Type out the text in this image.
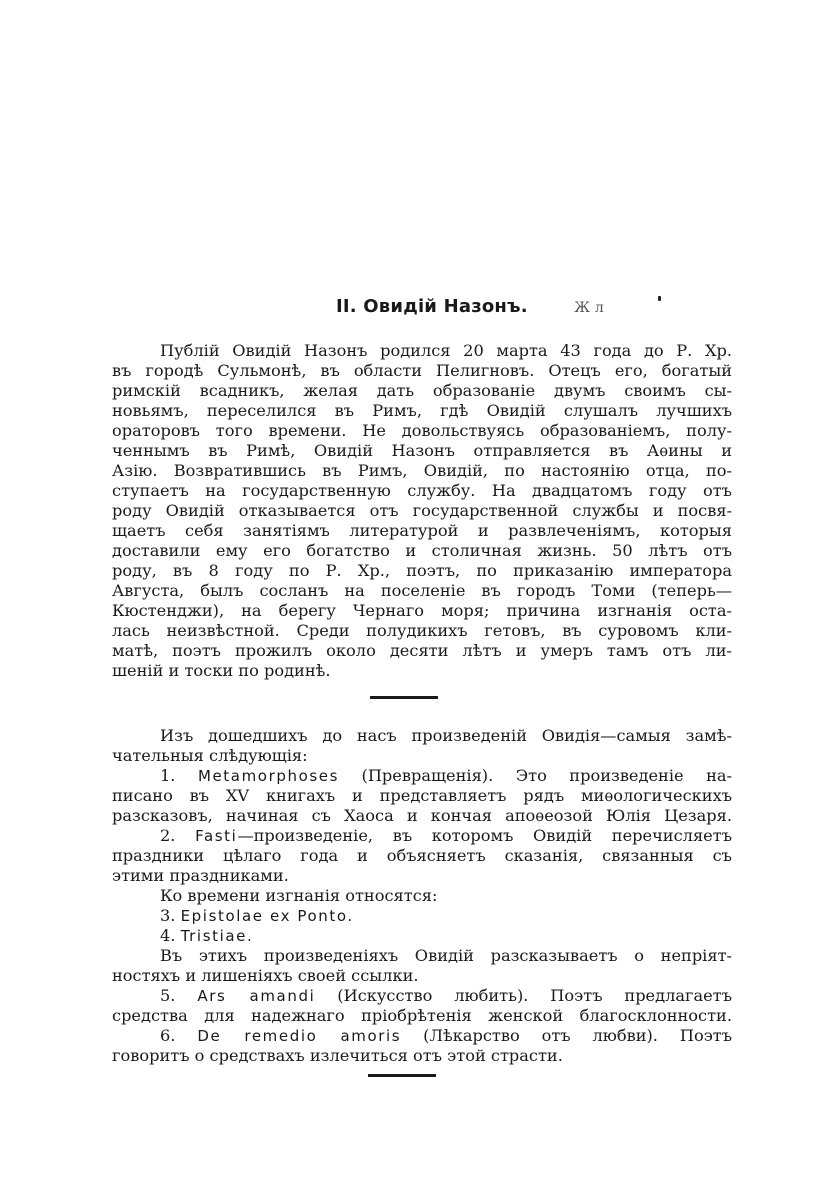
II. Овидій Назонъ.	Ж л
Публій Овидій Назонъ родился 20 марта 43 года до Р. Хр.
въ городѣ Сульмонѣ, въ области Пелигновъ. Отецъ его, богатый
римскій всадникъ, желая дать образованіе двумъ своимъ сы-
новьямъ, переселился въ Римъ, гдѣ Овидій слушалъ лучшихъ
ораторовъ того времени. Не довольствуясь образованіемъ, полу-
ченнымъ въ Римѣ, Овидій Назонъ отправляется въ Аѳины и
Азію. Возвратившись въ Римъ, Овидій, по настоянію отца, по-
ступаетъ на государственную службу. На двадцатомъ году отъ
роду Овидій отказывается отъ государственной службы и посвя-
щаетъ себя занятіямъ литературой и развлеченіямъ, которыя
доставили ему его богатство и столичная жизнь. 50 лѣтъ отъ
роду, въ 8 году по Р. Хр., поэтъ, по приказанію императора
Августа, былъ сосланъ на поселеніе въ городъ Томи (теперь—
Кюстенджи), на берегу Чернаго моря; причина изгнанія оста-
лась неизвѣстной. Среди полудикихъ гетовъ, въ суровомъ кли-
матѣ, поэтъ прожилъ около десяти лѣтъ и умеръ тамъ отъ ли-
шеній и тоски по родинѣ.
Изъ дошедшихъ до насъ произведеній Овидія—самыя замѣ-
чательныя слѣдующія:
1. Metamorphoses (Превращенія). Это произведеніе на-
писано въ XV книгахъ и представляетъ рядъ миѳологическихъ
разсказовъ, начиная съ Хаоса и кончая апоѳеозой Юлія Цезаря.
2. Fasti—произведеніе, въ которомъ Овидій перечисляетъ
праздники цѣлаго года и объясняетъ сказанія, связанныя съ
этими праздниками.
Ко времени изгнанія относятся:
3. Epistolae ex Ponto.
4. Tristiae.
Въ этихъ произведеніяхъ Овидій разсказываетъ о непріят-
ностяхъ и лишеніяхъ своей ссылки.
5. Ars amandi (Искусство любить). Поэтъ предлагаетъ
средства для надежнаго пріобрѣтенія женской благосклонности.
6. De remedio amoris (Лѣкарство отъ любви). Поэтъ
говоритъ о средствахъ излечиться отъ этой страсти.
